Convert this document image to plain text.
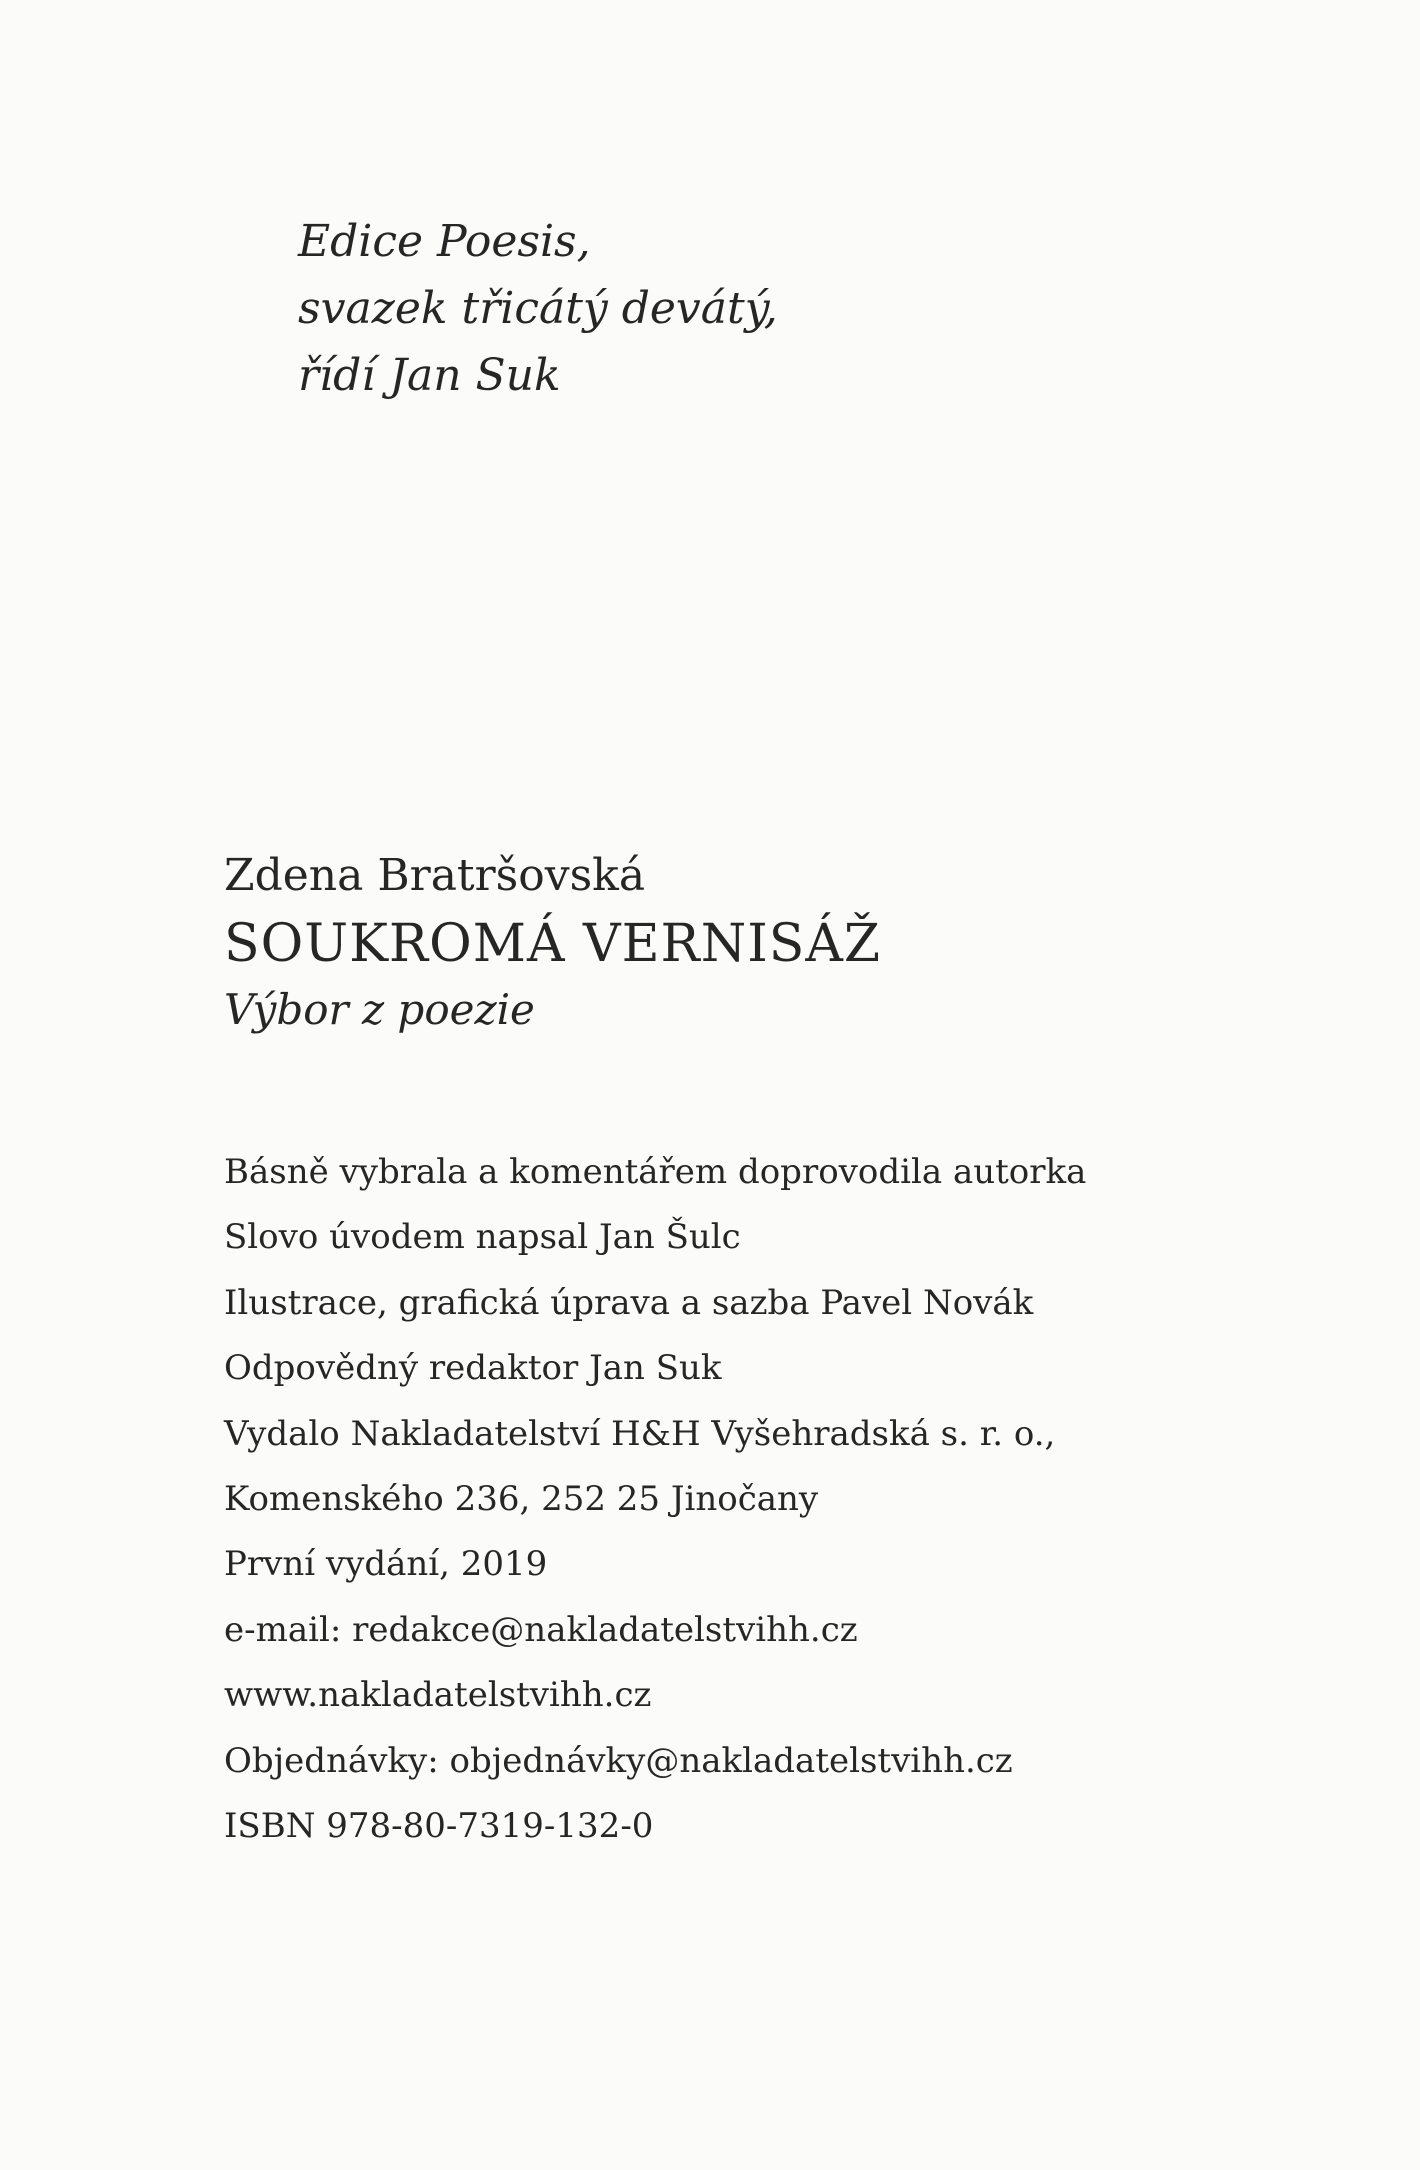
Edice Poesis,
svazek třicátý devátý,
řídí Jan Suk
Zdena Bratršovská
SOUKROMÁ VERNISÁŽ
Výbor z poezie
Básně vybrala a komentářem doprovodila autorka
Slovo úvodem napsal Jan Šulc
Ilustrace, grafická úprava a sazba Pavel Novák
Odpovědný redaktor Jan Suk
Vydalo Nakladatelství H&H Vyšehradská s. r. o.,
Komenského 236, 252 25 Jinočany
První vydání, 2019
e-mail: redakce@nakladatelstvihh.cz
www.nakladatelstvihh.cz
Objednávky: objednávky@nakladatelstvihh.cz
ISBN 978-80-7319-132-0
